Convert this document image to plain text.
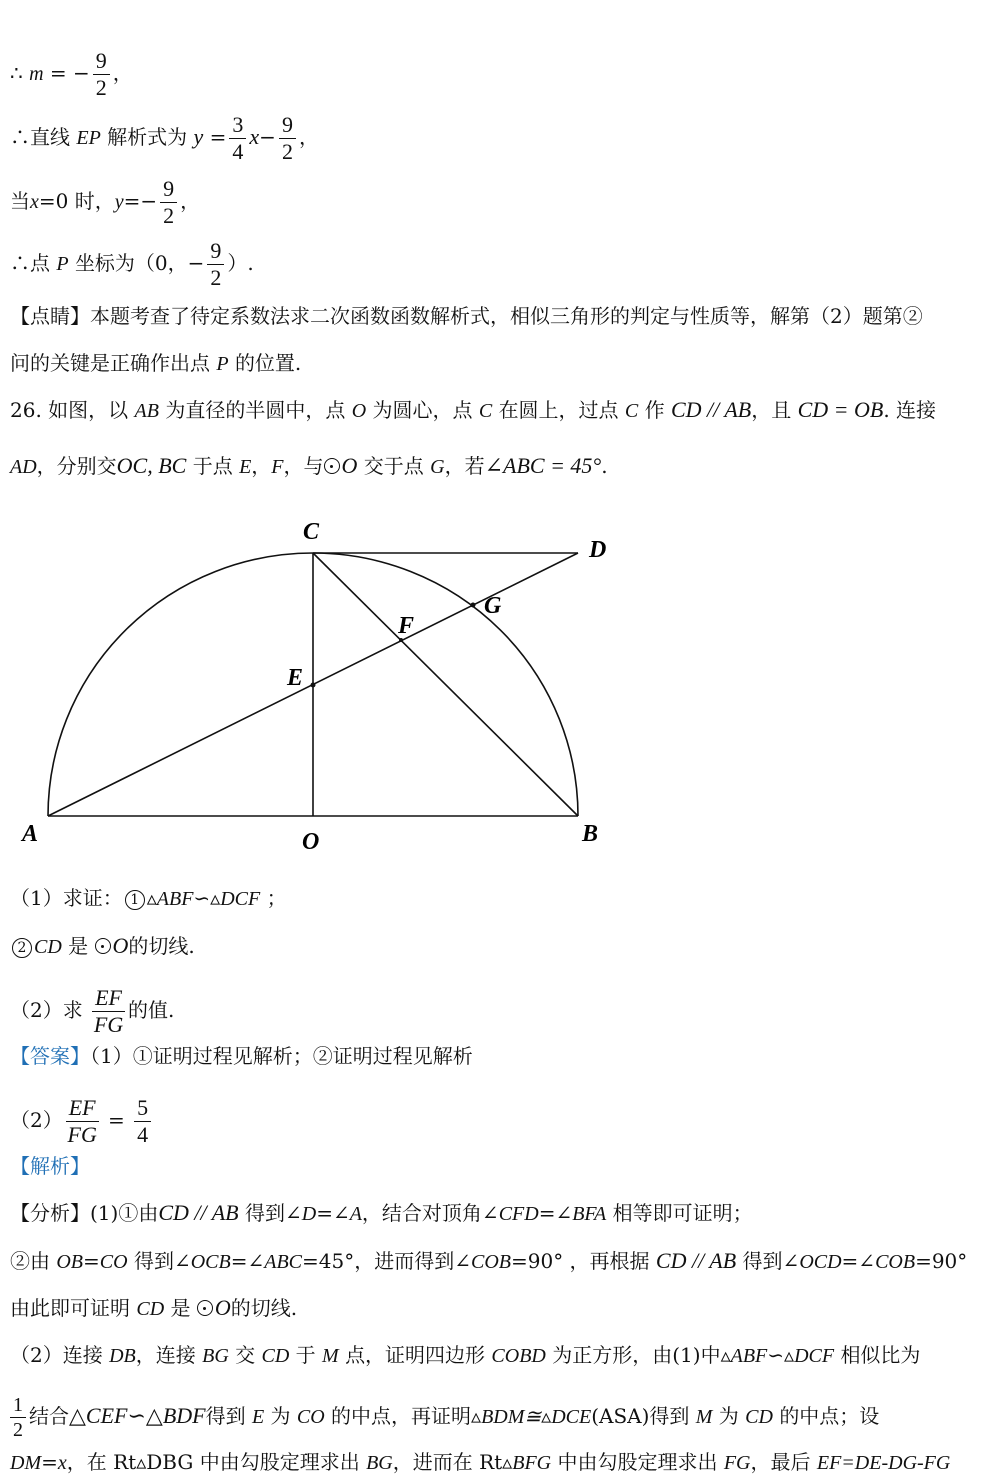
∴ m = − $\frac{9}{2}$ ，
∴直线 EP 解析式为 $y = \frac{3}{4} x- \frac{9}{2}$ ，
当x=0 时，$y=- \frac{9}{2}$ ，
∴点 P 坐标为（0，− $\frac{9}{2}$ ）.
【点睛】本题考查了待定系数法求二次函数函数解析式，相似三角形的判定与性质等，解第（2）题第②
问的关键是正确作出点 P 的位置.
26. 如图，以 AB 为直径的半圆中，点 O 为圆心，点 C 在圆上，过点 C 作 CD // AB，且 CD = OB. 连接
AD，分别交OC, BC 于点 E，F，与 O 交于点 G，若∠ABC = 45°.
C
D
G
F
E
A	O	B
（1）求证： 1 ▵ABF∽▵DCF ；
2 CD 是 O的切线.
（2）求 $\frac{EF}{FG}$ 的值.
【答案】（1）①证明过程见解析；②证明过程见解析
$(2) \frac{EF}{FG} = \frac{5}{4}$
【解析】
【分析】(1)①由CD // AB 得到∠D=∠A，结合对顶角∠CFD=∠BFA 相等即可证明；
②由 OB=CO 得到∠OCB=∠ABC=45°，进而得到∠COB=90° ，再根据 CD // AB 得到∠OCD=∠COB=90°
由此即可证明 CD 是 O的切线.
（2）连接 DB，连接 BG 交 CD 于 M 点，证明四边形 COBD 为正方形，由(1)中▵ABF∽▵DCF 相似比为
$\frac{1}{2}$ 结合△CEF∽△BDF得到 E 为 CO 的中点，再证明▵BDM≅▵DCE(ASA)得到 M 为 CD 的中点；设
DM=x，在 Rt▵DBG 中由勾股定理求出 BG，进而在 Rt▵BFG 中由勾股定理求出 FG，最后 EF=DE-DG-FG
